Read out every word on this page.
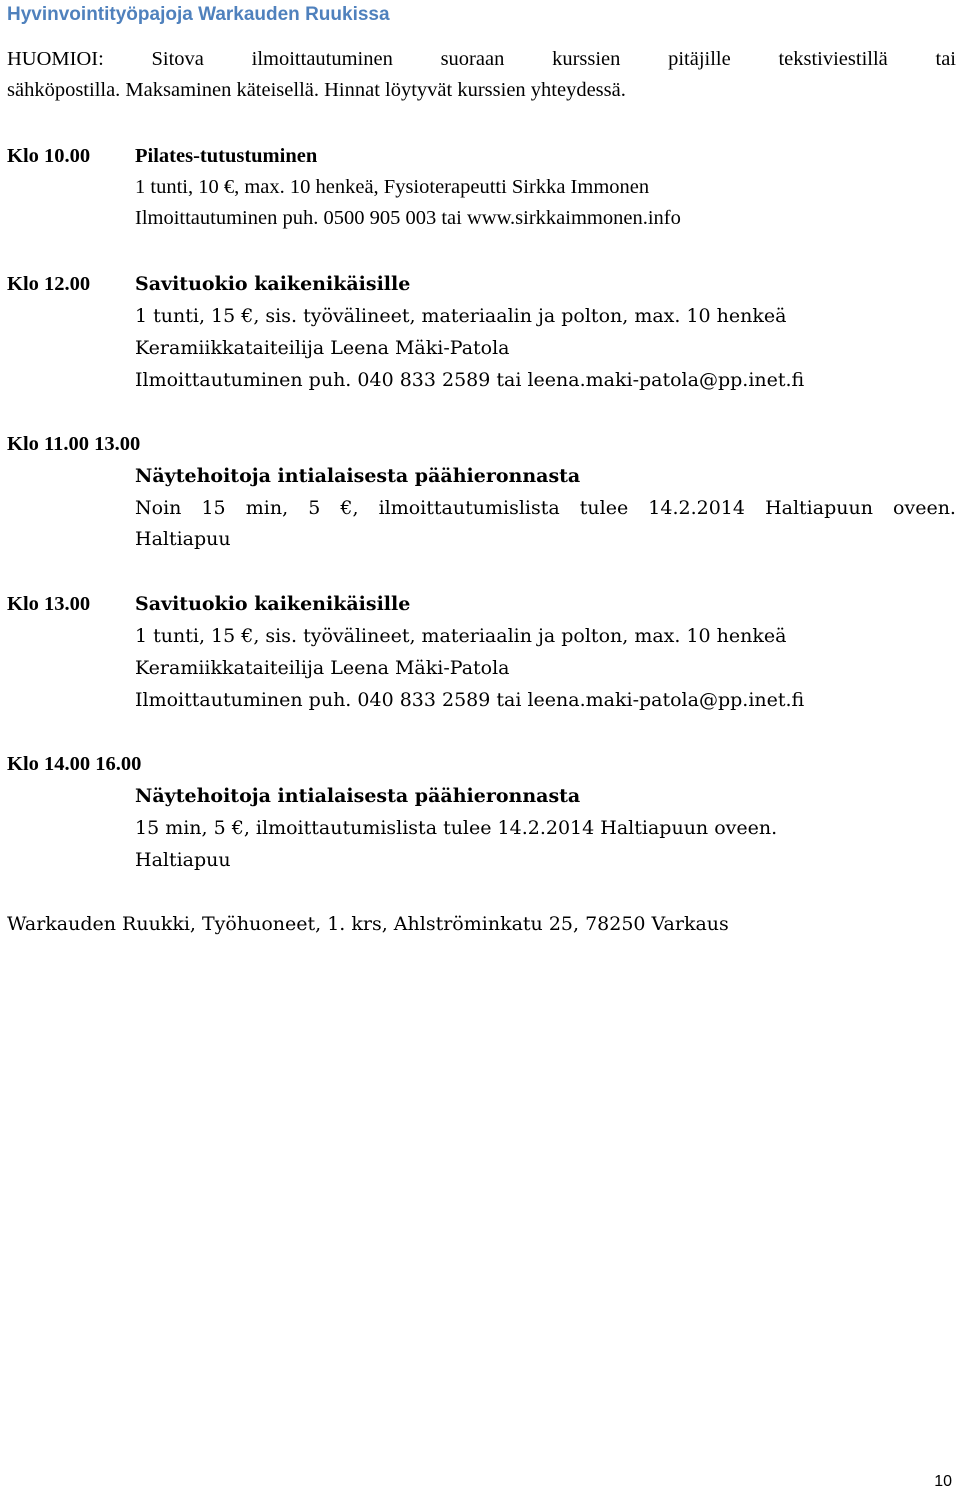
Hyvinvointityöpajoja Warkauden Ruukissa
HUOMIOI: Sitova ilmoittautuminen suoraan kurssien pitäjille tekstiviestillä tai
sähköpostilla. Maksaminen käteisellä. Hinnat löytyvät kurssien yhteydessä.
Klo 10.00 Pilates-tutustuminen
1 tunti, 10 €, max. 10 henkeä, Fysioterapeutti Sirkka Immonen
Ilmoittautuminen puh. 0500 905 003 tai www.sirkkaimmonen.info
Klo 12.00 Savituokio kaikenikäisille
1 tunti, 15 €, sis. työvälineet, materiaalin ja polton, max. 10 henkeä
Keramiikkataiteilija Leena Mäki-Patola
Ilmoittautuminen puh. 040 833 2589 tai leena.maki-patola@pp.inet.fi
Klo 11.00 13.00
Näytehoitoja intialaisesta päähieronnasta
Noin 15 min, 5 €, ilmoittautumislista tulee 14.2.2014 Haltiapuun oveen.
Haltiapuu
Klo 13.00 Savituokio kaikenikäisille
1 tunti, 15 €, sis. työvälineet, materiaalin ja polton, max. 10 henkeä
Keramiikkataiteilija Leena Mäki-Patola
Ilmoittautuminen puh. 040 833 2589 tai leena.maki-patola@pp.inet.fi
Klo 14.00 16.00
Näytehoitoja intialaisesta päähieronnasta
15 min, 5 €, ilmoittautumislista tulee 14.2.2014 Haltiapuun oveen.
Haltiapuu
Warkauden Ruukki, Työhuoneet, 1. krs, Ahlströminkatu 25, 78250 Varkaus
10
